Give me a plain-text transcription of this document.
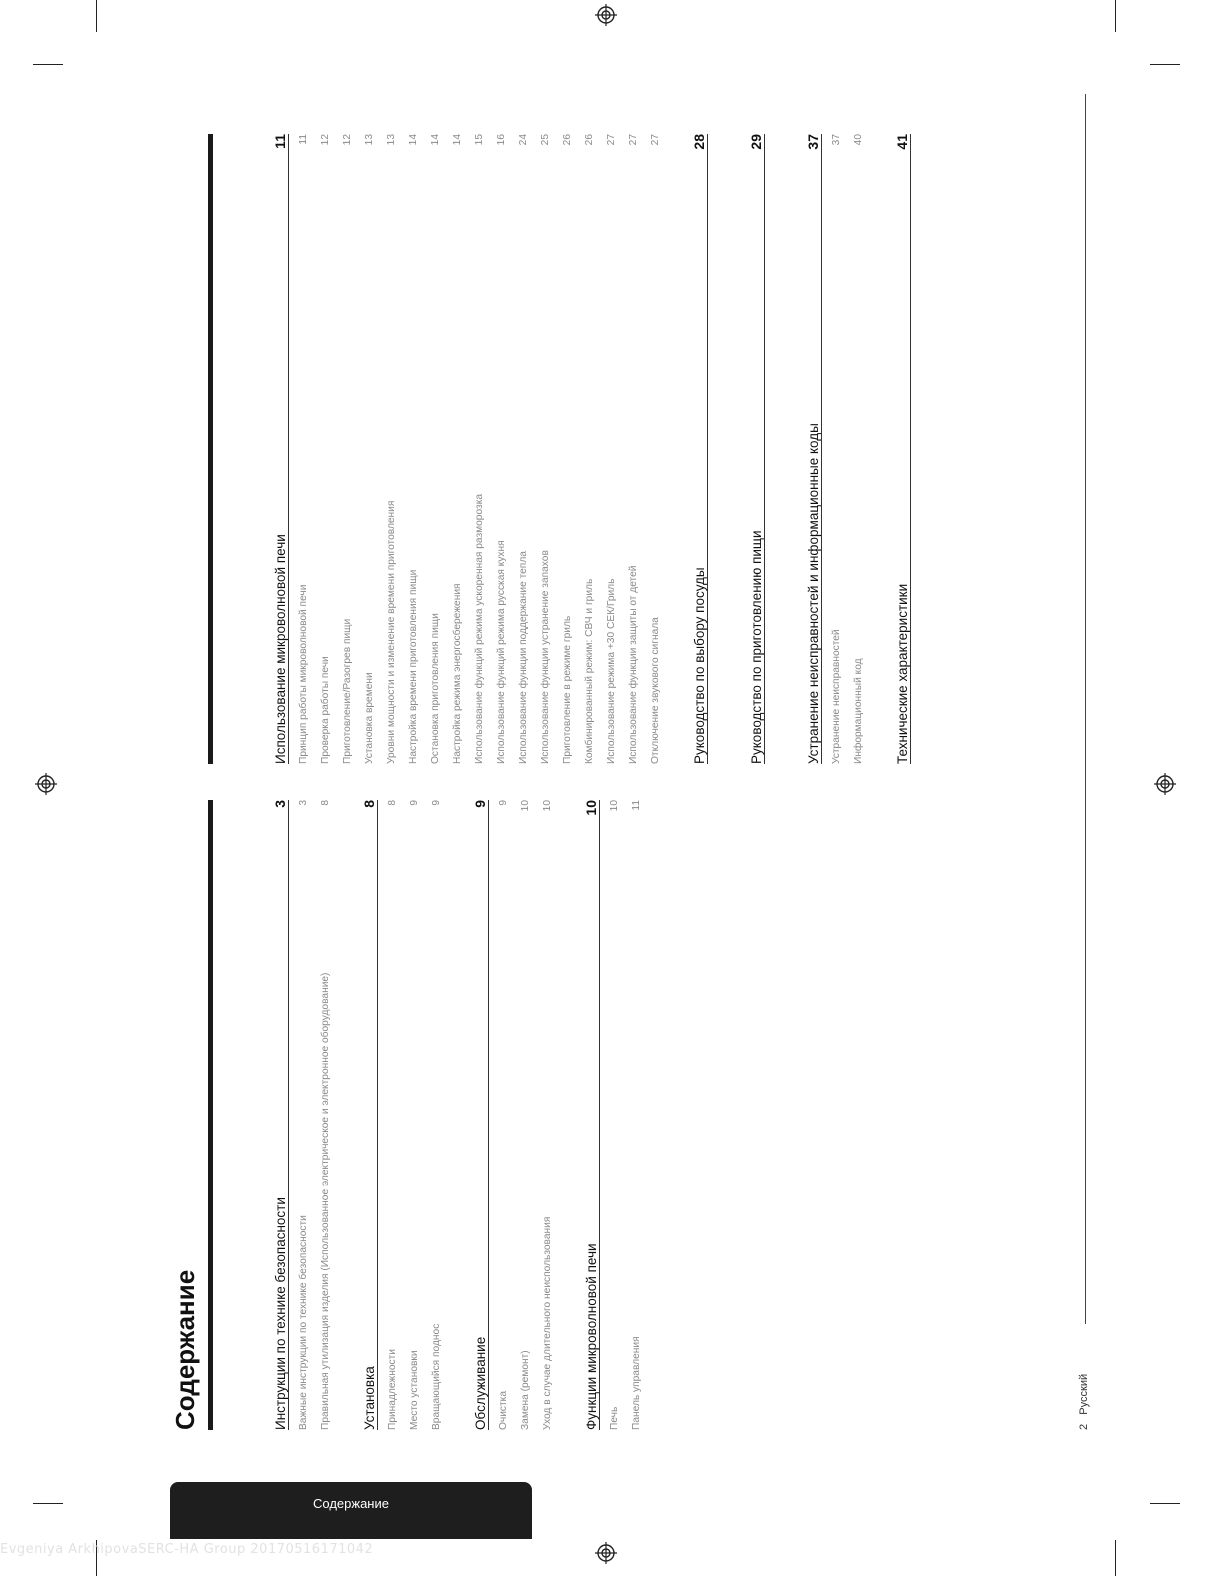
Содержание
Evgeniya ArkhipovaSERC-HA Group 20170516171042
Содержание	Инструкции по технике безопасности
3
Важные инструкции по технике безопасности
3
Правильная утилизация изделия (Использованное электрическое и электронное оборудование)
8
Установка
8
Принадлежности
8
Место установки
9
Вращающийся поднос
9
Обслуживание
9
Очистка
9
Замена (ремонт)
10
Уход в случае длительного неиспользования
10
Функции микроволновой печи
10
Печь
10
Панель управления
11
Использование микроволновой печи
11
Принцип работы микроволновой печи
11
Проверка работы печи
12
Приготовление/Разогрев пищи
12
Установка времени
13
Уровни мощности и изменение времени приготовления
13
Настройка времени приготовления пищи
14
Остановка приготовления пищи
14
Настройка режима энергосбережения
14
Использование функций режима ускоренная разморозка
15
Использование функций режима русская кухня
16
Использование функции поддержание тепла
24
Использование функции устранение запахов
25
Приготовление в режиме гриль
26
Комбинированный режим: СВЧ и гриль
26
Использование режима +30 СЕК/Гриль
27
Использование функции защиты от детей
27
Отключение звукового сигнала
27
Руководство по выбору посуды
28
Руководство по приготовлению пищи
29
Устранение неисправностей и информационные коды
37
Устранение неисправностей
37
Информационный код
40
Технические характеристики
41
2   Русский
